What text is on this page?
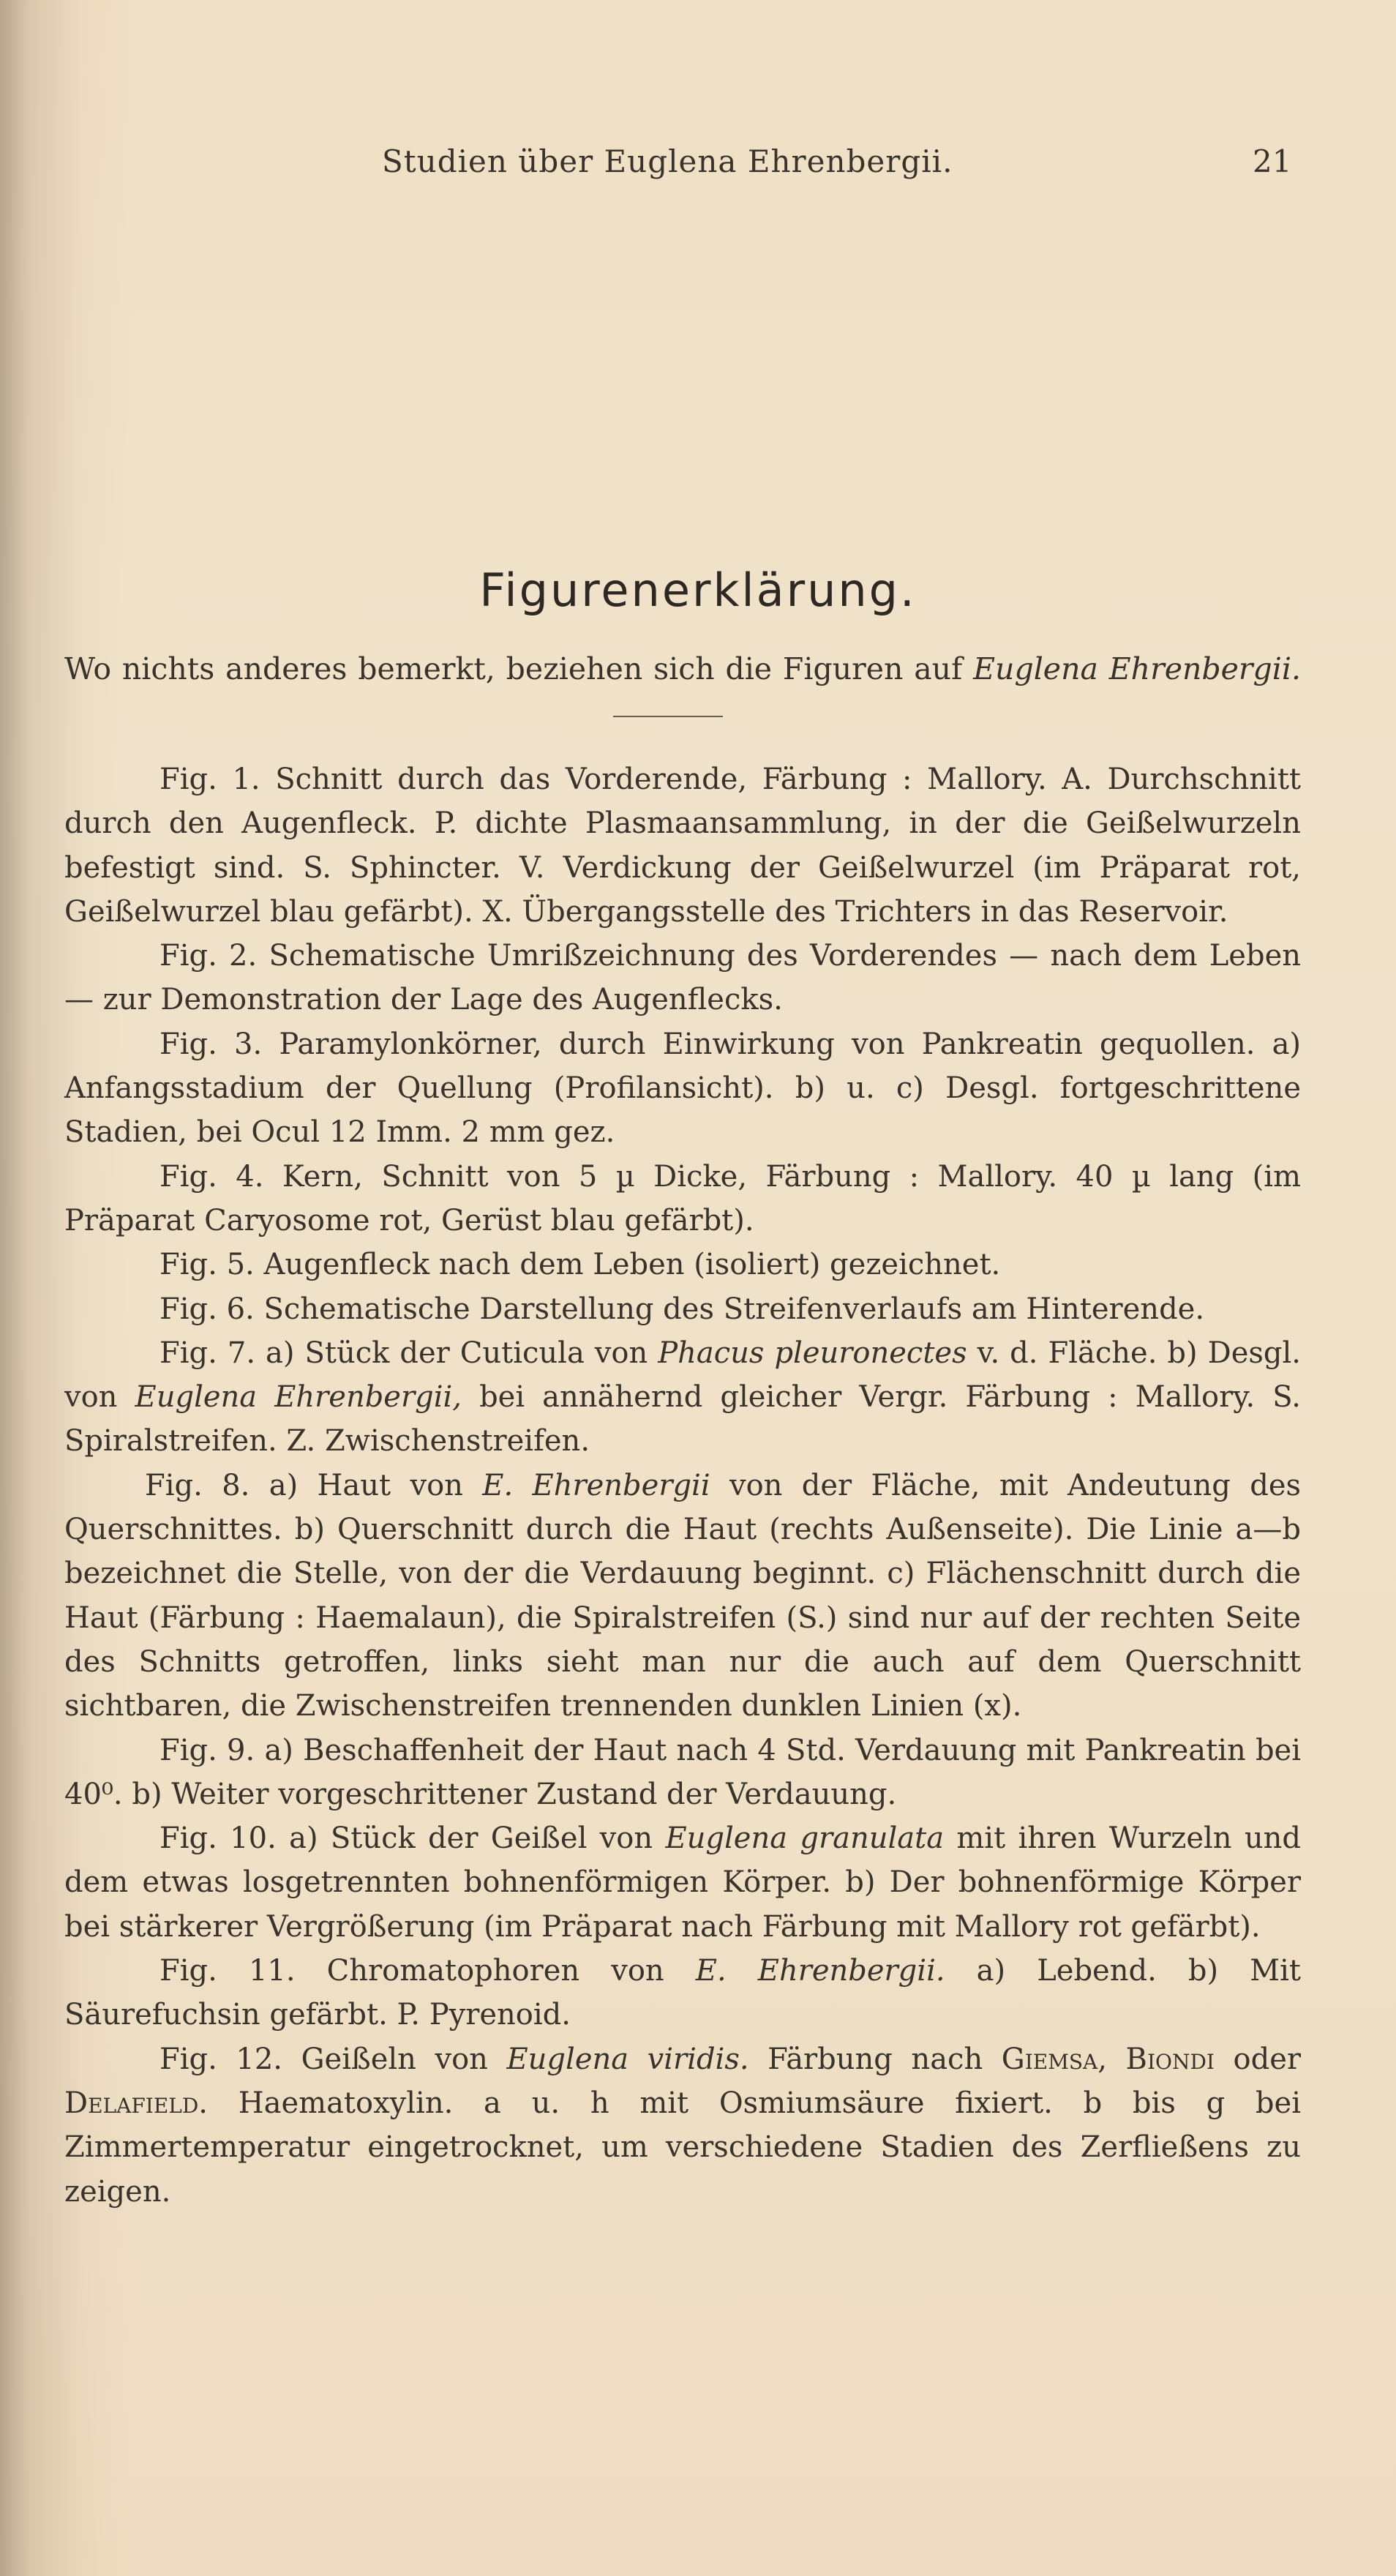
Studien über Euglena Ehrenbergii.	21
Figurenerklärung.
Wo nichts anderes bemerkt, beziehen sich die Figuren auf Euglena Ehrenbergii.

Fig. 1. Schnitt durch das Vorderende, Färbung : Mallory. A. Durchschnitt durch den Augenfleck. P. dichte Plasmaansammlung, in der die Geißelwurzeln befestigt sind. S. Sphincter. V. Verdickung der Geißelwurzel (im Präparat rot, Geißelwurzel blau gefärbt). X. Übergangsstelle des Trichters in das Reservoir.

Fig. 2. Schematische Umrißzeichnung des Vorderendes — nach dem Leben — zur Demonstration der Lage des Augenflecks.

Fig. 3. Paramylonkörner, durch Einwirkung von Pankreatin gequollen. a) Anfangsstadium der Quellung (Profilansicht). b) u. c) Desgl. fortgeschrittene Stadien, bei Ocul 12 Imm. 2 mm gez.

Fig. 4. Kern, Schnitt von 5 µ Dicke, Färbung : Mallory. 40 µ lang (im Präparat Caryosome rot, Gerüst blau gefärbt).

Fig. 5. Augenfleck nach dem Leben (isoliert) gezeichnet.

Fig. 6. Schematische Darstellung des Streifenverlaufs am Hinterende.

Fig. 7. a) Stück der Cuticula von Phacus pleuronectes v. d. Fläche. b) Desgl. von Euglena Ehrenbergii, bei annähernd gleicher Vergr. Färbung : Mallory. S. Spiralstreifen. Z. Zwischenstreifen.

Fig. 8. a) Haut von E. Ehrenbergii von der Fläche, mit Andeutung des Querschnittes. b) Querschnitt durch die Haut (rechts Außenseite). Die Linie a—b bezeichnet die Stelle, von der die Verdauung beginnt. c) Flächenschnitt durch die Haut (Färbung : Haemalaun), die Spiralstreifen (S.) sind nur auf der rechten Seite des Schnitts getroffen, links sieht man nur die auch auf dem Querschnitt sichtbaren, die Zwischenstreifen trennenden dunklen Linien (x).

Fig. 9. a) Beschaffenheit der Haut nach 4 Std. Verdauung mit Pankreatin bei 40⁰. b) Weiter vorgeschrittener Zustand der Verdauung.

Fig. 10. a) Stück der Geißel von Euglena granulata mit ihren Wurzeln und dem etwas losgetrennten bohnenförmigen Körper. b) Der bohnenförmige Körper bei stärkerer Vergrößerung (im Präparat nach Färbung mit Mallory rot gefärbt).

Fig. 11. Chromatophoren von E. Ehrenbergii. a) Lebend. b) Mit Säurefuchsin gefärbt. P. Pyrenoid.

Fig. 12. Geißeln von Euglena viridis. Färbung nach Giemsa, Biondi oder Delafield. Haematoxylin. a u. h mit Osmiumsäure fixiert. b bis g bei Zimmertemperatur eingetrocknet, um verschiedene Stadien des Zerfließens zu zeigen.
